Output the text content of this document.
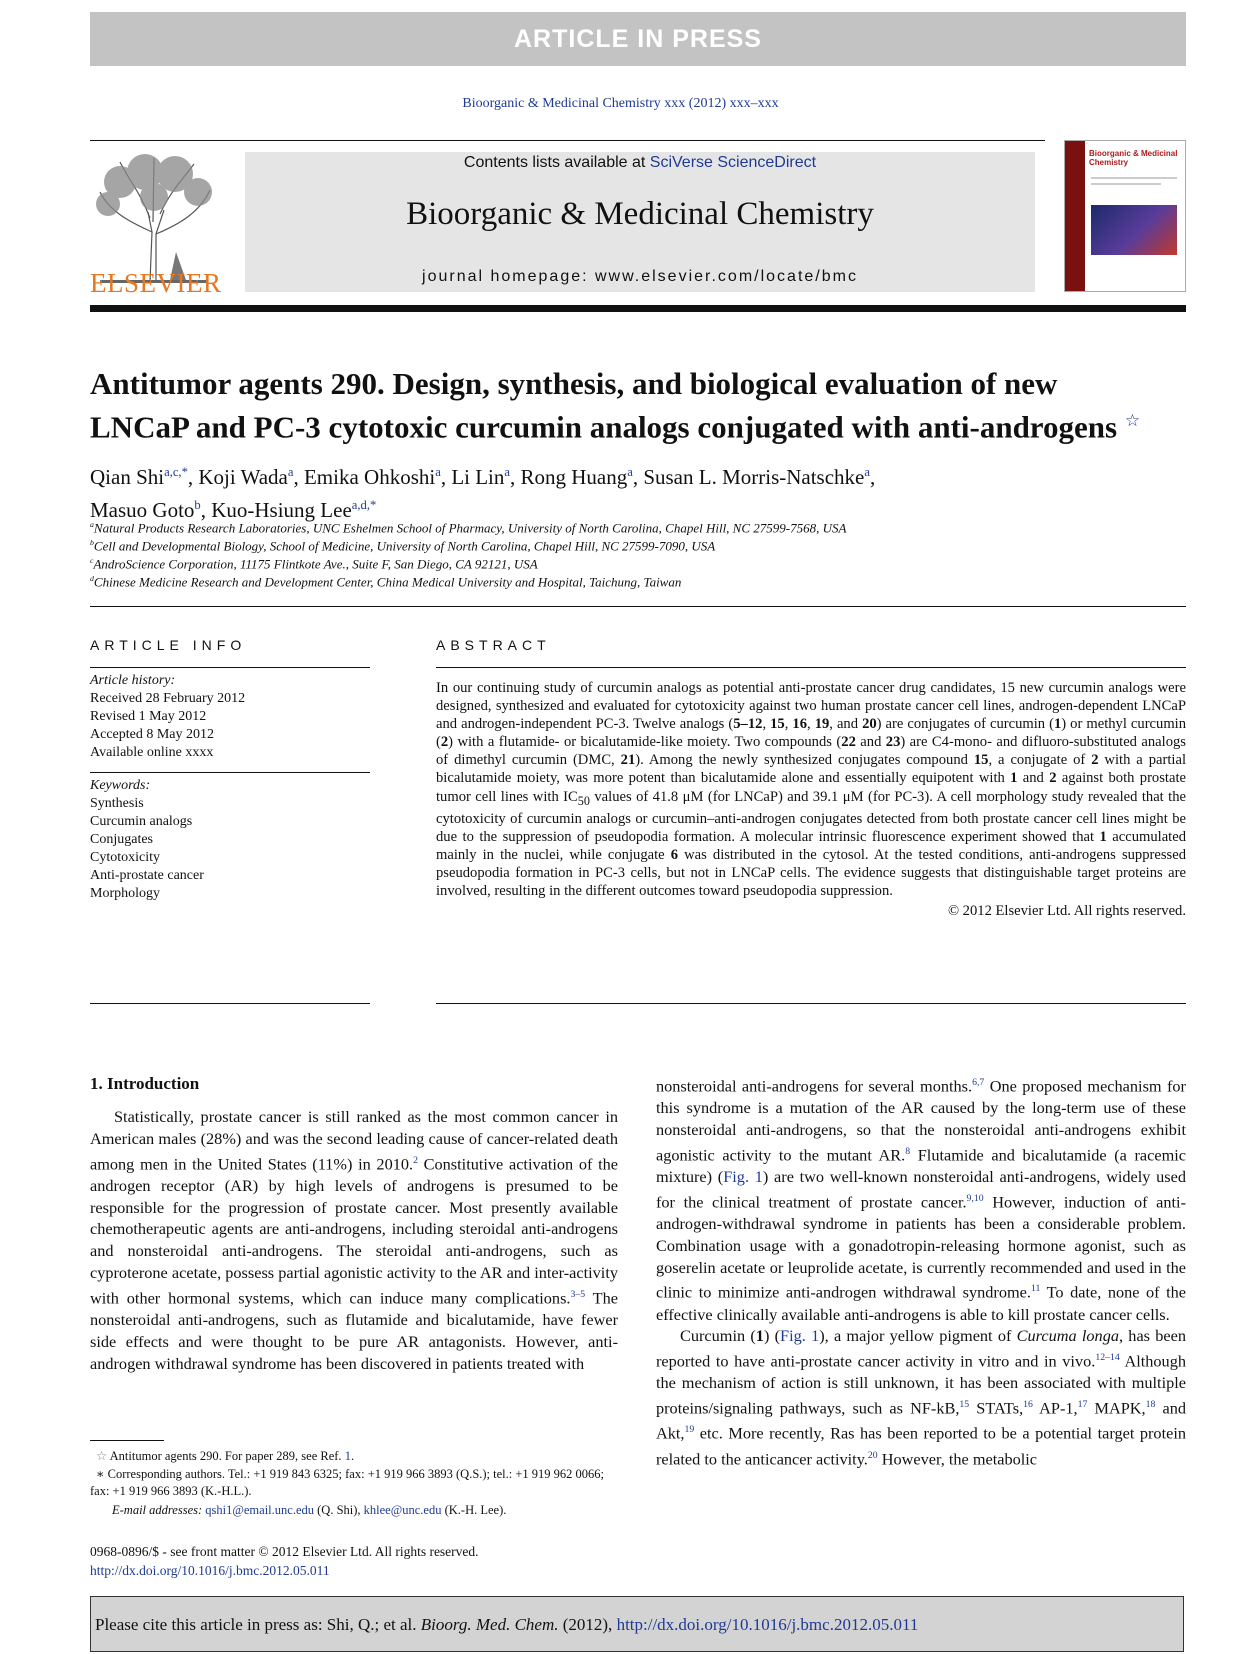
ARTICLE IN PRESS
Bioorganic & Medicinal Chemistry xxx (2012) xxx–xxx
ELSEVIER
Contents lists available at SciVerse ScienceDirect
Bioorganic & Medicinal Chemistry
journal homepage: www.elsevier.com/locate/bmc
Bioorganic & Medicinal Chemistry
Antitumor agents 290. Design, synthesis, and biological evaluation of new
LNCaP and PC-3 cytotoxic curcumin analogs conjugated with anti-androgens ☆
Qian Shi$^{a,c,*}$, Koji Wada$^a$, Emika Ohkoshi$^a$, Li Lin$^a$, Rong Huang$^a$, Susan L. Morris-Natschke$^a$,
Masuo Goto$^b$, Kuo-Hsiung Lee$^{a,d,*}$
$^a$Natural Products Research Laboratories, UNC Eshelmen School of Pharmacy, University of North Carolina, Chapel Hill, NC 27599-7568, USA
$^b$Cell and Developmental Biology, School of Medicine, University of North Carolina, Chapel Hill, NC 27599-7090, USA
$^c$AndroScience Corporation, 11175 Flintkote Ave., Suite F, San Diego, CA 92121, USA
$^d$Chinese Medicine Research and Development Center, China Medical University and Hospital, Taichung, Taiwan
ARTICLE INFO
Article history:
Received 28 February 2012
Revised 1 May 2012
Accepted 8 May 2012
Available online xxxx
Keywords:
Synthesis
Curcumin analogs
Conjugates
Cytotoxicity
Anti-prostate cancer
Morphology
ABSTRACT
In our continuing study of curcumin analogs as potential anti-prostate cancer drug candidates, 15 new curcumin analogs were designed, synthesized and evaluated for cytotoxicity against two human prostate cancer cell lines, androgen-dependent LNCaP and androgen-independent PC-3. Twelve analogs (5–12, 15, 16, 19, and 20) are conjugates of curcumin (1) or methyl curcumin (2) with a flutamide- or bicalutamide-like moiety. Two compounds (22 and 23) are C4-mono- and difluoro-substituted analogs of dimethyl curcumin (DMC, 21). Among the newly synthesized conjugates compound 15, a conjugate of 2 with a partial bicalutamide moiety, was more potent than bicalutamide alone and essentially equipotent with 1 and 2 against both prostate tumor cell lines with $IC_{50}$ values of 41.8 μM (for LNCaP) and 39.1 μM (for PC-3). A cell morphology study revealed that the cytotoxicity of curcumin analogs or curcumin–anti-androgen conjugates detected from both prostate cancer cell lines might be due to the suppression of pseudopodia formation. A molecular intrinsic fluorescence experiment showed that 1 accumulated mainly in the nuclei, while conjugate 6 was distributed in the cytosol. At the tested conditions, anti-androgens suppressed pseudopodia formation in PC-3 cells, but not in LNCaP cells. The evidence suggests that distinguishable target proteins are involved, resulting in the different outcomes toward pseudopodia suppression.
© 2012 Elsevier Ltd. All rights reserved.
1. Introduction

Statistically, prostate cancer is still ranked as the most common cancer in American males (28%) and was the second leading cause of cancer-related death among men in the United States (11%) in 2010.$^2$ Constitutive activation of the androgen receptor (AR) by high levels of androgens is presumed to be responsible for the progression of prostate cancer. Most presently available chemotherapeutic agents are anti-androgens, including steroidal anti-androgens and nonsteroidal anti-androgens. The steroidal anti-androgens, such as cyproterone acetate, possess partial agonistic activity to the AR and inter-activity with other hormonal systems, which can induce many complications.$^{3-5}$ The nonsteroidal anti-androgens, such as flutamide and bicalutamide, have fewer side effects and were thought to be pure AR antagonists. However, anti-androgen withdrawal syndrome has been discovered in patients treated with

nonsteroidal anti-androgens for several months.$^{6,7}$ One proposed mechanism for this syndrome is a mutation of the AR caused by the long-term use of these nonsteroidal anti-androgens, so that the nonsteroidal anti-androgens exhibit agonistic activity to the mutant AR.$^8$ Flutamide and bicalutamide (a racemic mixture) (Fig. 1) are two well-known nonsteroidal anti-androgens, widely used for the clinical treatment of prostate cancer.$^{9,10}$ However, induction of anti-androgen-withdrawal syndrome in patients has been a considerable problem. Combination usage with a gonadotropin-releasing hormone agonist, such as goserelin acetate or leuprolide acetate, is currently recommended and used in the clinic to minimize anti-androgen withdrawal syndrome.$^{11}$ To date, none of the effective clinically available anti-androgens is able to kill prostate cancer cells.

Curcumin (1) (Fig. 1), a major yellow pigment of Curcuma longa, has been reported to have anti-prostate cancer activity in vitro and in vivo.$^{12-14}$ Although the mechanism of action is still unknown, it has been associated with multiple proteins/signaling pathways, such as NF-kB,$^{15}$ STATs,$^{16}$ AP-1,17 MAPK,$^{18}$ and Akt,$^{19}$ etc. More recently, Ras has been reported to be a potential target protein related to the anticancer activity.$^{20}$ However, the metabolic

☆ Antitumor agents 290. For paper 289, see Ref. 1.
∗ Corresponding authors. Tel.: +1 919 843 6325; fax: +1 919 966 3893 (Q.S.); tel.: +1 919 962 0066; fax: +1 919 966 3893 (K.-H.L.).
E-mail addresses: qshi1@email.unc.edu (Q. Shi), khlee@unc.edu (K.-H. Lee).
0968-0896/$ - see front matter © 2012 Elsevier Ltd. All rights reserved.
http://dx.doi.org/10.1016/j.bmc.2012.05.011
Please cite this article in press as: Shi, Q.; et al. Bioorg. Med. Chem. (2012), http://dx.doi.org/10.1016/j.bmc.2012.05.011
